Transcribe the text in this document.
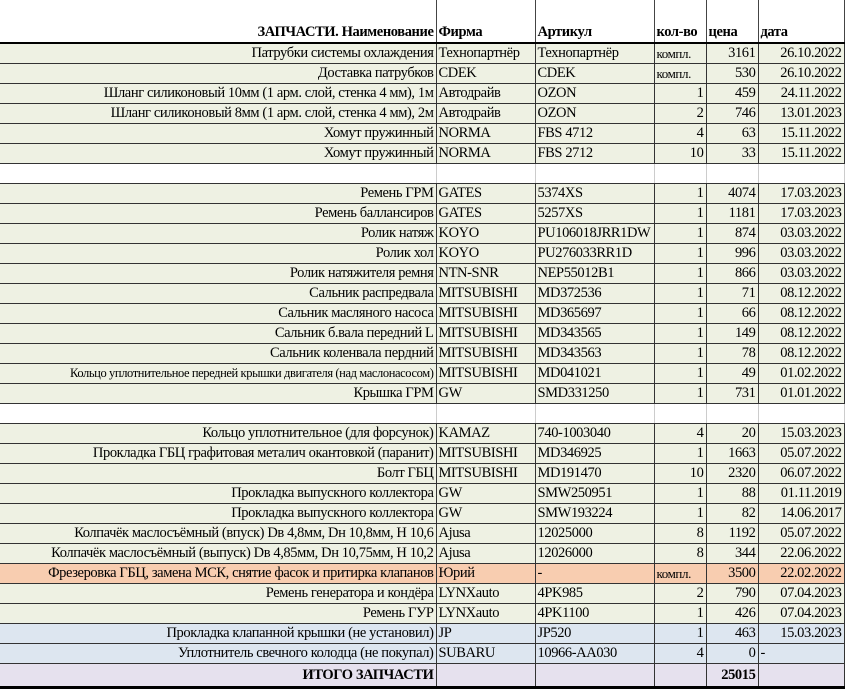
ЗАПЧАСТИ. Наименование	Фирма	Артикул	кол-во	цена	дата
Патрубки системы охлаждения	Технопартнёр	Технопартнёр	компл.	3161	26.10.2022
Доставка патрубков	CDEK	CDEK	компл.	530	26.10.2022
Шланг силиконовый 10мм (1 арм. слой, стенка 4 мм), 1м	Автодрайв	OZON	1	459	24.11.2022
Шланг силиконовый 8мм (1 арм. слой, стенка 4 мм), 2м	Автодрайв	OZON	2	746	13.01.2023
Хомут пружинный	NORMA	FBS 4712	4	63	15.11.2022
Хомут пружинный	NORMA	FBS 2712	10	33	15.11.2022

Ремень ГРМ	GATES	5374XS	1	4074	17.03.2023
Ремень баллансиров	GATES	5257XS	1	1181	17.03.2023
Ролик натяж	KOYO	PU106018JRR1DW	1	874	03.03.2022
Ролик хол	KOYO	PU276033RR1D	1	996	03.03.2022
Ролик натяжителя ремня	NTN-SNR	NEP55012B1	1	866	03.03.2022
Сальник распредвала	MITSUBISHI	MD372536	1	71	08.12.2022
Сальник масляного насоса	MITSUBISHI	MD365697	1	66	08.12.2022
Сальник б.вала передний L	MITSUBISHI	MD343565	1	149	08.12.2022
Сальник коленвала пердний	MITSUBISHI	MD343563	1	78	08.12.2022
Кольцо уплотнительное передней крышки двигателя (над маслонасосом)	MITSUBISHI	MD041021	1	49	01.02.2022
Крышка ГРМ	GW	SMD331250	1	731	01.01.2022

Кольцо уплотнительное (для форсунок)	KAMAZ	740-1003040	4	20	15.03.2023
Прокладка ГБЦ графитовая металич окантовкой (паранит)	MITSUBISHI	MD346925	1	1663	05.07.2022
Болт ГБЦ	MITSUBISHI	MD191470	10	2320	06.07.2022
Прокладка выпускного коллектора	GW	SMW250951	1	88	01.11.2019
Прокладка выпускного коллектора	GW	SMW193224	1	82	14.06.2017
Колпачёк маслосъёмный (впуск) Dв 4,8мм, Dн 10,8мм, H 10,6	Ajusa	12025000	8	1192	05.07.2022
Колпачёк маслосъёмный (выпуск) Dв 4,85мм, Dн 10,75мм, H 10,2	Ajusa	12026000	8	344	22.06.2022
Фрезеровка ГБЦ, замена МСК, снятие фасок и притирка клапанов	Юрий	-	компл.	3500	22.02.2022
Ремень генератора и кондёра	LYNXauto	4PK985	2	790	07.04.2023
Ремень ГУР	LYNXauto	4PK1100	1	426	07.04.2023
Прокладка клапанной крышки (не установил)	JP	JP520	1	463	15.03.2023
Уплотнитель свечного колодца (не покупал)	SUBARU	10966-AA030	4	0	-
ИТОГО ЗАПЧАСТИ				25015	
